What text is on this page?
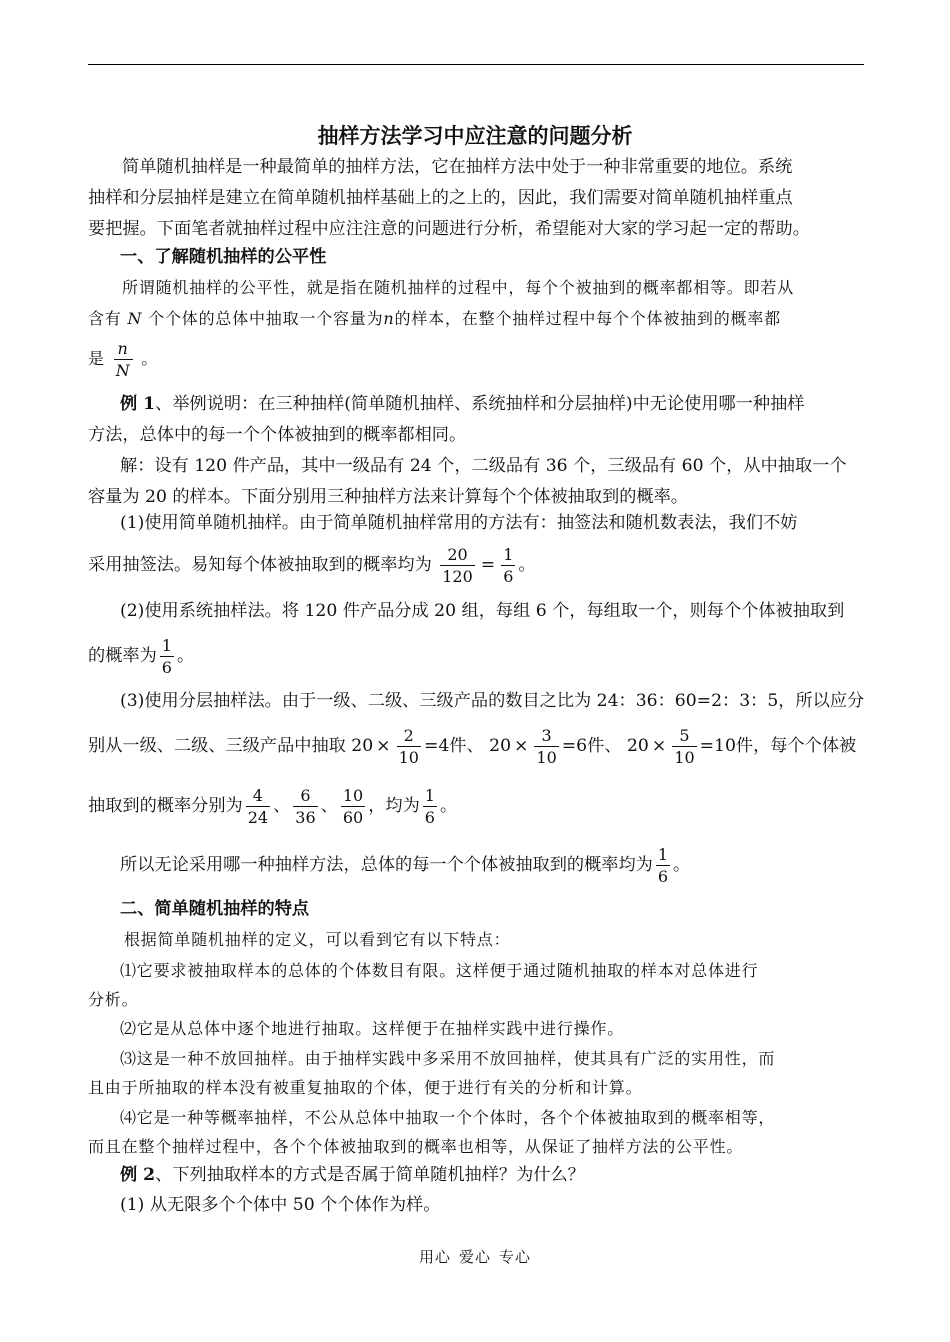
抽样方法学习中应注意的问题分析
简单随机抽样是一种最简单的抽样方法，它在抽样方法中处于一种非常重要的地位。系统
抽样和分层抽样是建立在简单随机抽样基础上的之上的，因此，我们需要对简单随机抽样重点
要把握。下面笔者就抽样过程中应注注意的问题进行分析，希望能对大家的学习起一定的帮助。
一、了解随机抽样的公平性
所谓随机抽样的公平性，就是指在随机抽样的过程中，每个个被抽到的概率都相等。即若从
含有 N 个个体的总体中抽取一个容量为n的样本，在整个抽样过程中每个个体被抽到的概率都
是 $\frac{n}{N}$ 。
例 1、举例说明：在三种抽样(简单随机抽样、系统抽样和分层抽样)中无论使用哪一种抽样
方法，总体中的每一个个体被抽到的概率都相同。
解：设有 120 件产品，其中一级品有 24 个，二级品有 36 个，三级品有 60 个，从中抽取一个
容量为 20 的样本。下面分别用三种抽样方法来计算每个个体被抽取到的概率。
(1)使用简单随机抽样。由于简单随机抽样常用的方法有：抽签法和随机数表法，我们不妨
采用抽签法。易知每个体被抽取到的概率均为 $\frac{20}{120} = \frac{1}{6}$ 。
(2)使用系统抽样法。将 120 件产品分成 20 组，每组 6 个，每组取一个，则每个个体被抽取到
的概率为 $\frac{1}{6}$ 。
(3)使用分层抽样法。由于一级、二级、三级产品的数目之比为 24：36：60=2：3：5，所以应分
别从一级、二级、三级产品中抽取 $20 \times \frac{2}{10} =4$件、 $20 \times \frac{3}{10} =6$件、 $20 \times \frac{5}{10} =10$件，每个个体被
抽取到的概率分别为 $\frac{4}{24}$ 、 $\frac{6}{36}$ 、 $\frac{10}{60}$ ，均为 $\frac{1}{6}$ 。
所以无论采用哪一种抽样方法，总体的每一个个体被抽取到的概率均为 $\frac{1}{6}$ 。
二、简单随机抽样的特点
根据简单随机抽样的定义，可以看到它有以下特点：
⑴它要求被抽取样本的总体的个体数目有限。这样便于通过随机抽取的样本对总体进行
分析。
⑵它是从总体中逐个地进行抽取。这样便于在抽样实践中进行操作。
⑶这是一种不放回抽样。由于抽样实践中多采用不放回抽样，使其具有广泛的实用性，而
且由于所抽取的样本没有被重复抽取的个体，便于进行有关的分析和计算。
⑷它是一种等概率抽样，不公从总体中抽取一个个体时，各个个体被抽取到的概率相等，
而且在整个抽样过程中，各个个体被抽取到的概率也相等，从保证了抽样方法的公平性。
例 2、下列抽取样本的方式是否属于简单随机抽样？为什么？
(1) 从无限多个个体中 50 个个体作为样。
用心 爱心 专心
